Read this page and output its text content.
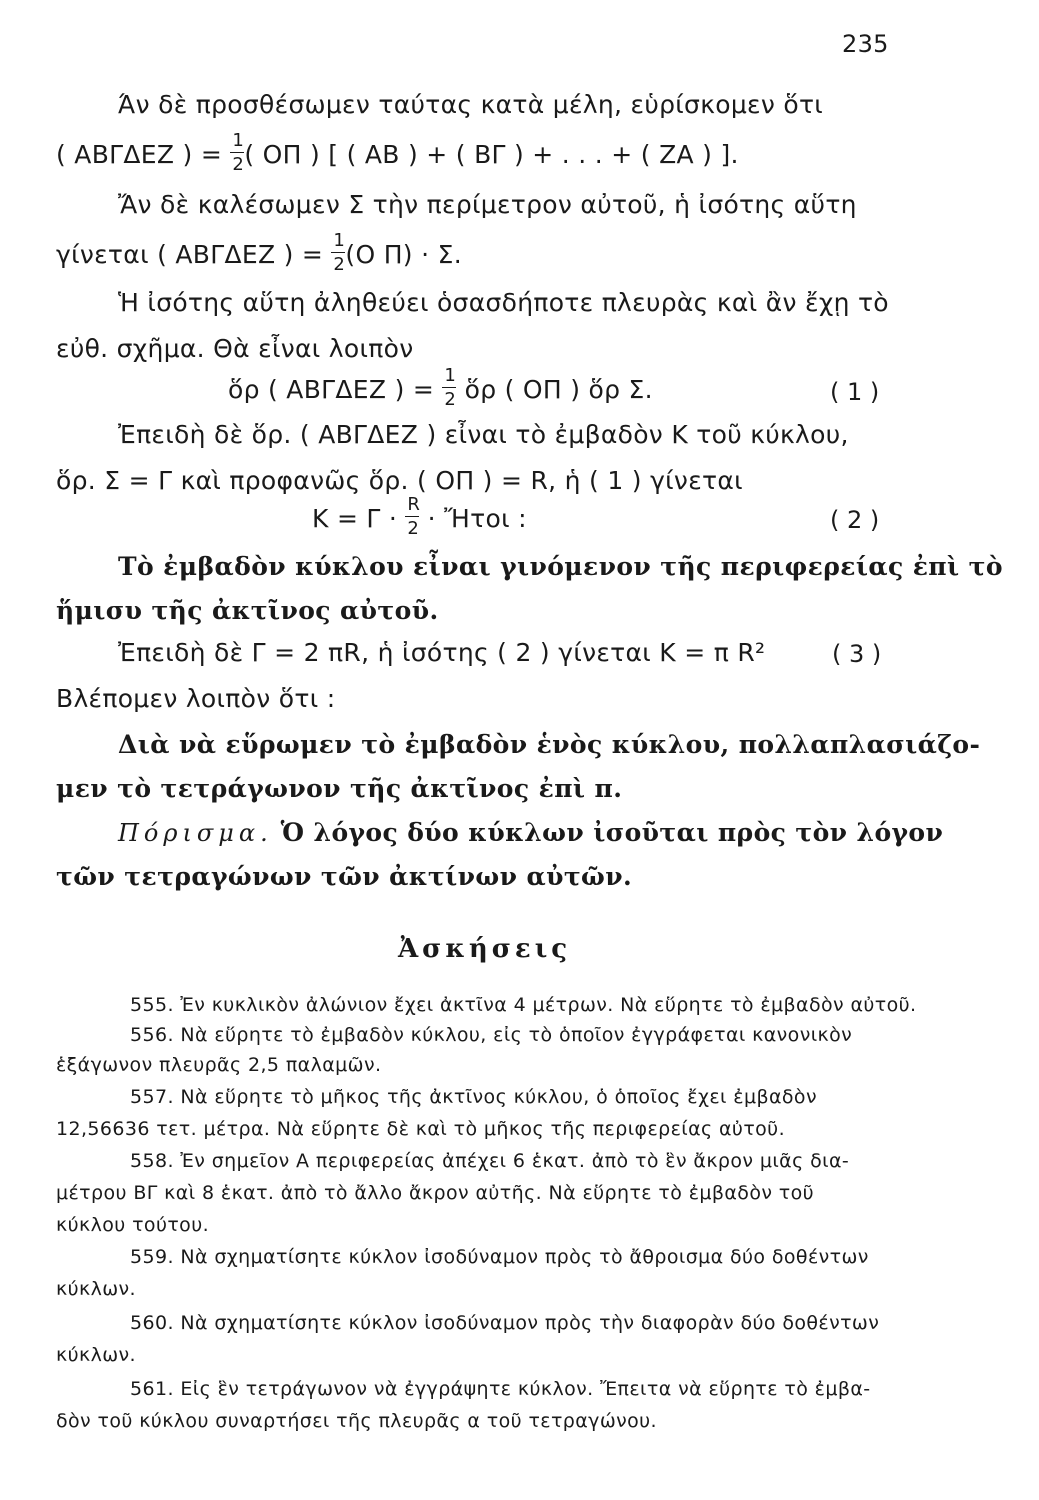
235
Άν δὲ προσθέσωμεν ταύτας κατὰ μέλη, εὑρίσκομεν ὅτι
( ΑΒΓΔΕΖ ) = $\frac{1}{2}$ ( ΟΠ ) [ ( ΑΒ ) + ( ΒΓ ) + . . . + ( ΖΑ ) ].
Ἄν δὲ καλέσωμεν Σ τὴν περίμετρον αὐτοῦ, ἡ ἰσότης αὕτη
γίνεται ( ΑΒΓΔΕΖ ) = $\frac{1}{2} (O$ Π) · Σ.
Ἡ ἰσότης αὕτη ἀληθεύει ὁσασδήποτε πλευρὰς καὶ ἂν ἔχῃ τὸ
εὐθ. σχῆμα. Θὰ εἶναι λοιπὸν
ὅρ ( ΑΒΓΔΕΖ ) = $\frac{1}{2}$ ὅρ ( ΟΠ ) ὅρ Σ.	( 1 )
Ἐπειδὴ δὲ ὅρ. ( ΑΒΓΔΕΖ ) εἶναι τὸ ἐμβαδὸν Κ τοῦ κύκλου,
ὅρ. Σ = Γ καὶ προφανῶς ὅρ. ( ΟΠ ) = R, ἡ ( 1 ) γίνεται
$K = \Gamma \cdot \frac{R}{2}$ · Ἤτοι :	( 2 )
Τὸ ἐμβαδὸν κύκλου εἶναι γινόμενον τῆς περιφερείας ἐπὶ τὸ
ἥμισυ τῆς ἀκτῖνος αὐτοῦ.
Ἐπειδὴ δὲ Γ = 2 πR, ἡ ἰσότης ( 2 ) γίνεται Κ = π R²	( 3 )
Βλέπομεν λοιπὸν ὅτι :
Διὰ νὰ εὕρωμεν τὸ ἐμβαδὸν ἑνὸς κύκλου, πολλαπλασιάζο-
μεν τὸ τετράγωνον τῆς ἀκτῖνος ἐπὶ π.
Πόρισμα. Ὁ λόγος δύο κύκλων ἰσοῦται πρὸς τὸν λόγον
τῶν τετραγώνων τῶν ἀκτίνων αὐτῶν.
Ἀσκήσεις
555. Ἐν κυκλικὸν ἀλώνιον ἔχει ἀκτῖνα 4 μέτρων. Νὰ εὕρητε τὸ ἐμβαδὸν αὐτοῦ.
556. Νὰ εὕρητε τὸ ἐμβαδὸν κύκλου, εἰς τὸ ὁποῖον ἐγγράφεται κανονικὸν
ἑξάγωνον πλευρᾶς 2,5 παλαμῶν.
557. Νὰ εὕρητε τὸ μῆκος τῆς ἀκτῖνος κύκλου, ὁ ὁποῖος ἔχει ἐμβαδὸν
12,56636 τετ. μέτρα. Νὰ εὕρητε δὲ καὶ τὸ μῆκος τῆς περιφερείας αὐτοῦ.
558. Ἐν σημεῖον Α περιφερείας ἀπέχει 6 ἑκατ. ἀπὸ τὸ ἓν ἄκρον μιᾶς δια-
μέτρου ΒΓ καὶ 8 ἑκατ. ἀπὸ τὸ ἄλλο ἄκρον αὐτῆς. Νὰ εὕρητε τὸ ἐμβαδὸν τοῦ
κύκλου τούτου.
559. Νὰ σχηματίσητε κύκλον ἰσοδύναμον πρὸς τὸ ἄθροισμα δύο δοθέντων
κύκλων.
560. Νὰ σχηματίσητε κύκλον ἰσοδύναμον πρὸς τὴν διαφορὰν δύο δοθέντων
κύκλων.
561. Εἰς ἓν τετράγωνον νὰ ἐγγράψητε κύκλον. Ἔπειτα νὰ εὕρητε τὸ ἐμβα-
δὸν τοῦ κύκλου συναρτήσει τῆς πλευρᾶς α τοῦ τετραγώνου.
